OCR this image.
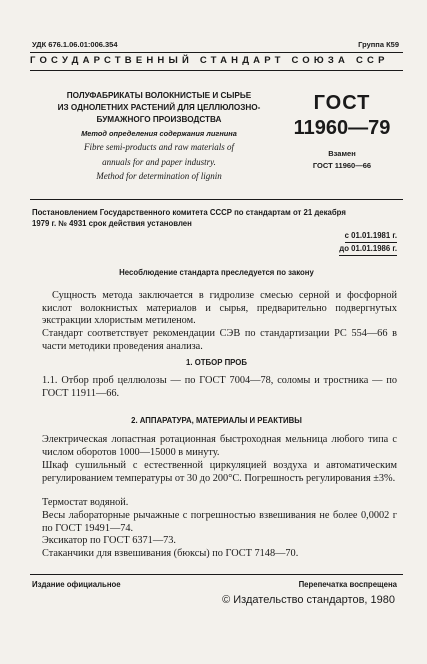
УДК 676.1.06.01:006.354	Группа К59
ГОСУДАРСТВЕННЫЙ СТАНДАРТ СОЮЗА ССР
ПОЛУФАБРИКАТЫ ВОЛОКНИСТЫЕ И СЫРЬЕ
ИЗ ОДНОЛЕТНИХ РАСТЕНИЙ ДЛЯ ЦЕЛЛЮЛОЗНО-
БУМАЖНОГО ПРОИЗВОДСТВА
Метод определения содержания лигнина
Fibre semi-products and raw materials of
annuals for and paper industry.
Method for determination of lignin
ГОСТ
11960—79
Взамен
ГОСТ 11960—66
Постановлением Государственного комитета СССР по стандартам от 21 декабря
1979 г. № 4931 срок действия установлен
с 01.01.1981 г.
до 01.01.1986 г.
Несоблюдение стандарта преследуется по закону
Сущность метода заключается в гидролизе смесью серной и фосфорной кислот волокнистых материалов и сырья, предварительно подвергнутых экстракции хлористым метиленом.
Стандарт соответствует рекомендации СЭВ по стандартизации РС 554—66 в части методики проведения анализа.
1. ОТБОР ПРОБ
1.1. Отбор проб целлюлозы — по ГОСТ 7004—78, соломы и тростника — по ГОСТ 11911—66.
2. АППАРАТУРА, МАТЕРИАЛЫ И РЕАКТИВЫ
Электрическая лопастная ротационная быстроходная мельница любого типа с числом оборотов 1000—15000 в минуту.
Шкаф сушильный с естественной циркуляцией воздуха и автоматическим регулированием температуры от 30 до 200°С. Погрешность регулирования ±3%.
Термостат водяной.
Весы лабораторные рычажные с погрешностью взвешивания не более 0,0002 г по ГОСТ 19491—74.
Эксикатор по ГОСТ 6371—73.
Стаканчики для взвешивания (бюксы) по ГОСТ 7148—70.
Издание официальное	Перепечатка воспрещена
© Издательство стандартов, 1980
